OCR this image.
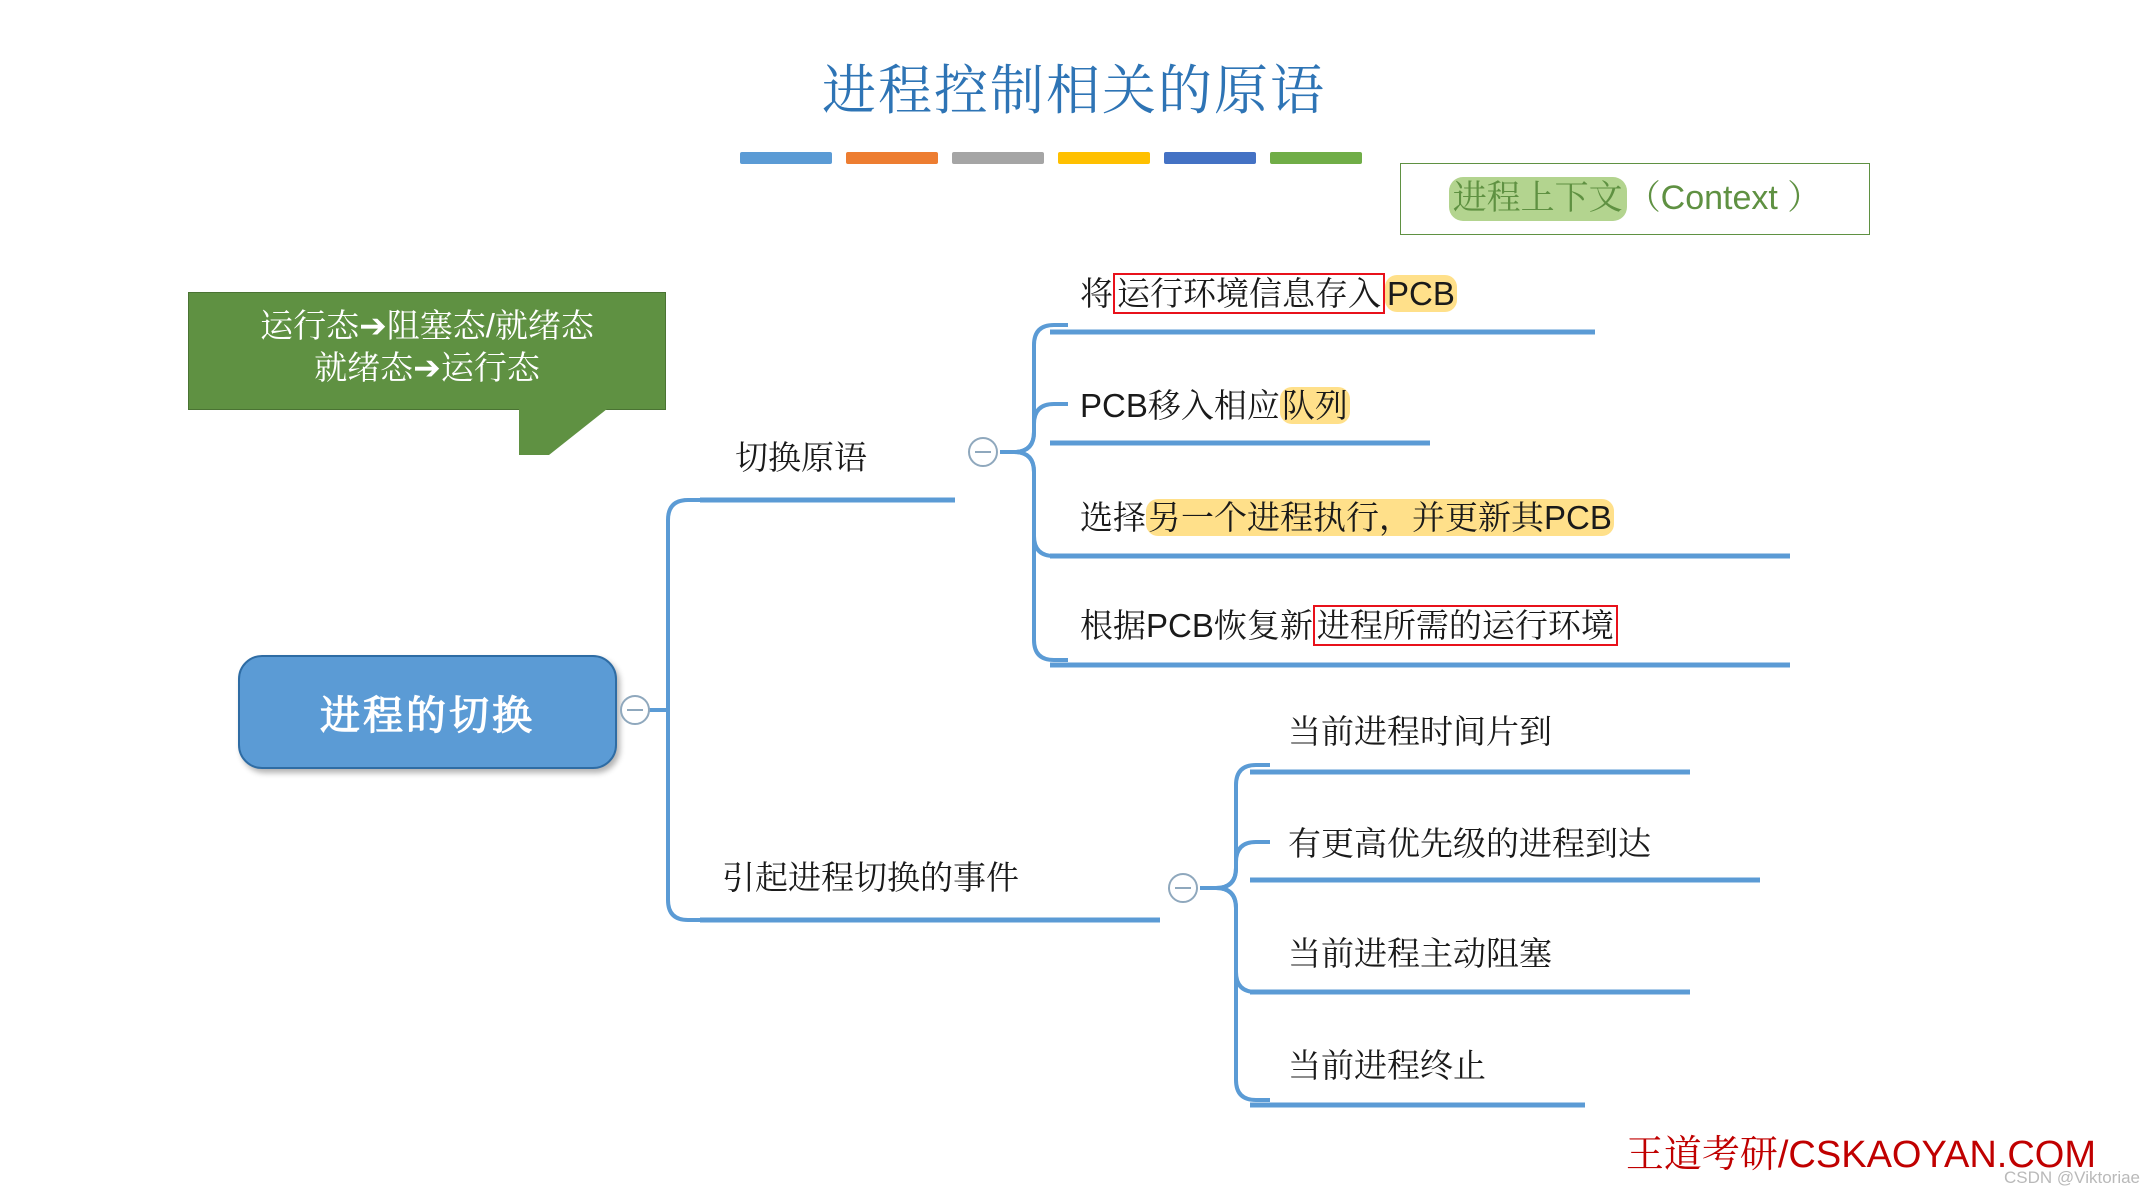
进程控制相关的原语
进程的切换
切换原语
引起进程切换的事件
将 运行环境信息存入 PCB
PCB移入相应队列
选择另一个进程执行，并更新其PCB
根据PCB恢复新 进程所需的运行环境
当前进程时间片到
有更高优先级的进程到达
当前进程主动阻塞
当前进程终止
运行态➔阻塞态/就绪态
就绪态➔运行态
进程上下文 （Context ）
王道考研/CSKAOYAN.COM
CSDN @Viktoriae
